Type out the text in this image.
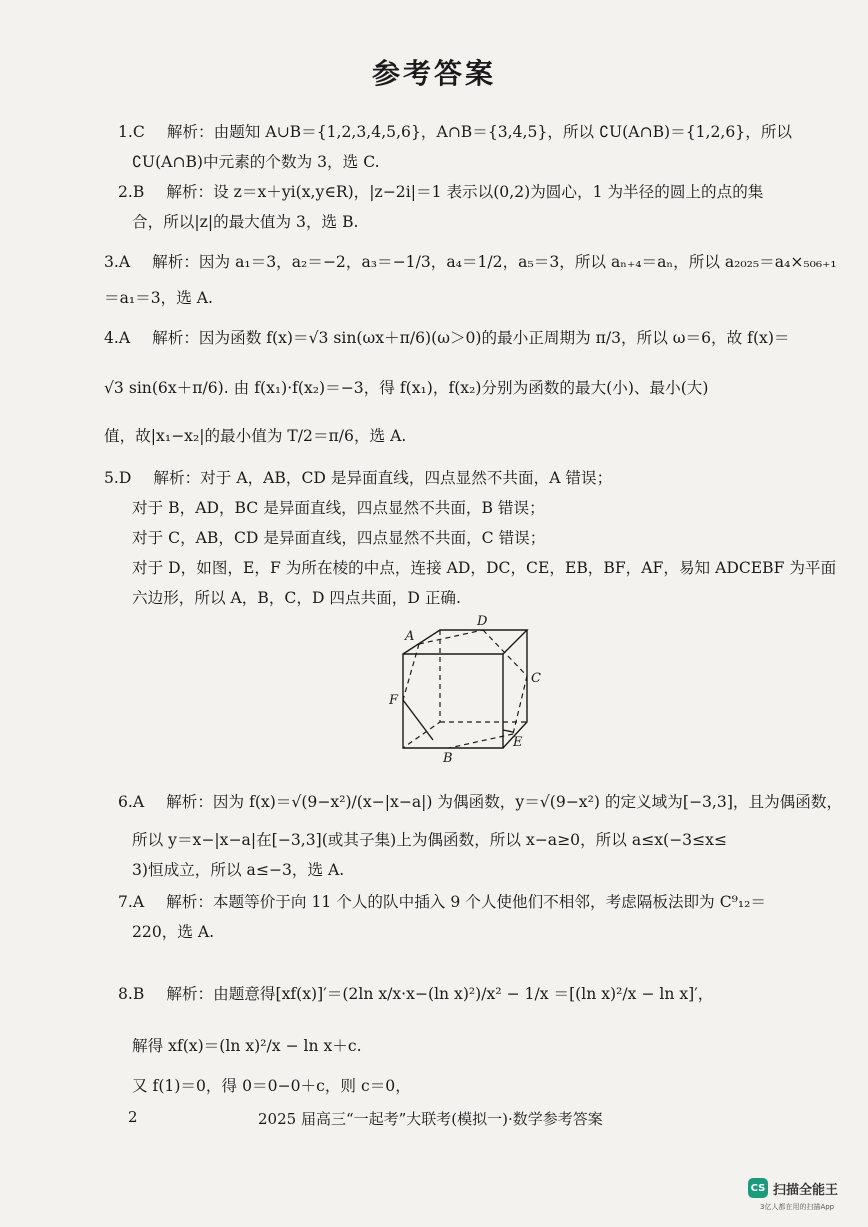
参考答案
1.C 解析：由题知 A∪B＝{1,2,3,4,5,6}，A∩B＝{3,4,5}，所以 ∁U(A∩B)＝{1,2,6}，所以
∁U(A∩B)中元素的个数为 3，选 C.
2.B 解析：设 z＝x＋yi(x,y∈R)，|z−2i|＝1 表示以(0,2)为圆心，1 为半径的圆上的点的集
合，所以|z|的最大值为 3，选 B.
3.A 解析：因为 a₁＝3，a₂＝−2，a₃＝−1/3，a₄＝1/2，a₅＝3，所以 aₙ₊₄＝aₙ，所以 a₂₀₂₅＝a₄×₅₀₆₊₁
＝a₁＝3，选 A.
4.A 解析：因为函数 f(x)＝√3 sin(ωx＋π/6)(ω＞0)的最小正周期为 π/3，所以 ω＝6，故 f(x)＝
√3 sin(6x＋π/6). 由 f(x₁)·f(x₂)＝−3，得 f(x₁)，f(x₂)分别为函数的最大(小)、最小(大)
值，故|x₁−x₂|的最小值为 T/2＝π/6，选 A.
5.D 解析：对于 A，AB，CD 是异面直线，四点显然不共面，A 错误；
对于 B，AD，BC 是异面直线，四点显然不共面，B 错误；
对于 C，AB，CD 是异面直线，四点显然不共面，C 错误；
对于 D，如图，E，F 为所在棱的中点，连接 AD，DC，CE，EB，BF，AF，易知 ADCEBF 为平面
六边形，所以 A，B，C，D 四点共面，D 正确.
A
D
C
F
E
B
6.A 解析：因为 f(x)＝√(9−x²)/(x−|x−a|) 为偶函数，y＝√(9−x²) 的定义域为[−3,3]，且为偶函数，
所以 y＝x−|x−a|在[−3,3](或其子集)上为偶函数，所以 x−a≥0，所以 a≤x(−3≤x≤
3)恒成立，所以 a≤−3，选 A.
7.A 解析：本题等价于向 11 个人的队中插入 9 个人使他们不相邻，考虑隔板法即为 C⁹₁₂＝
220，选 A.
8.B 解析：由题意得[xf(x)]′＝(2ln x/x·x−(ln x)²)/x² − 1/x ＝[(ln x)²/x − ln x]′，
解得 xf(x)＝(ln x)²/x − ln x＋c.
又 f(1)＝0，得 0＝0−0＋c，则 c＝0，
2	2025 届高三“一起考”大联考(模拟一)·数学参考答案
CS 扫描全能王
3亿人都在用的扫描App
